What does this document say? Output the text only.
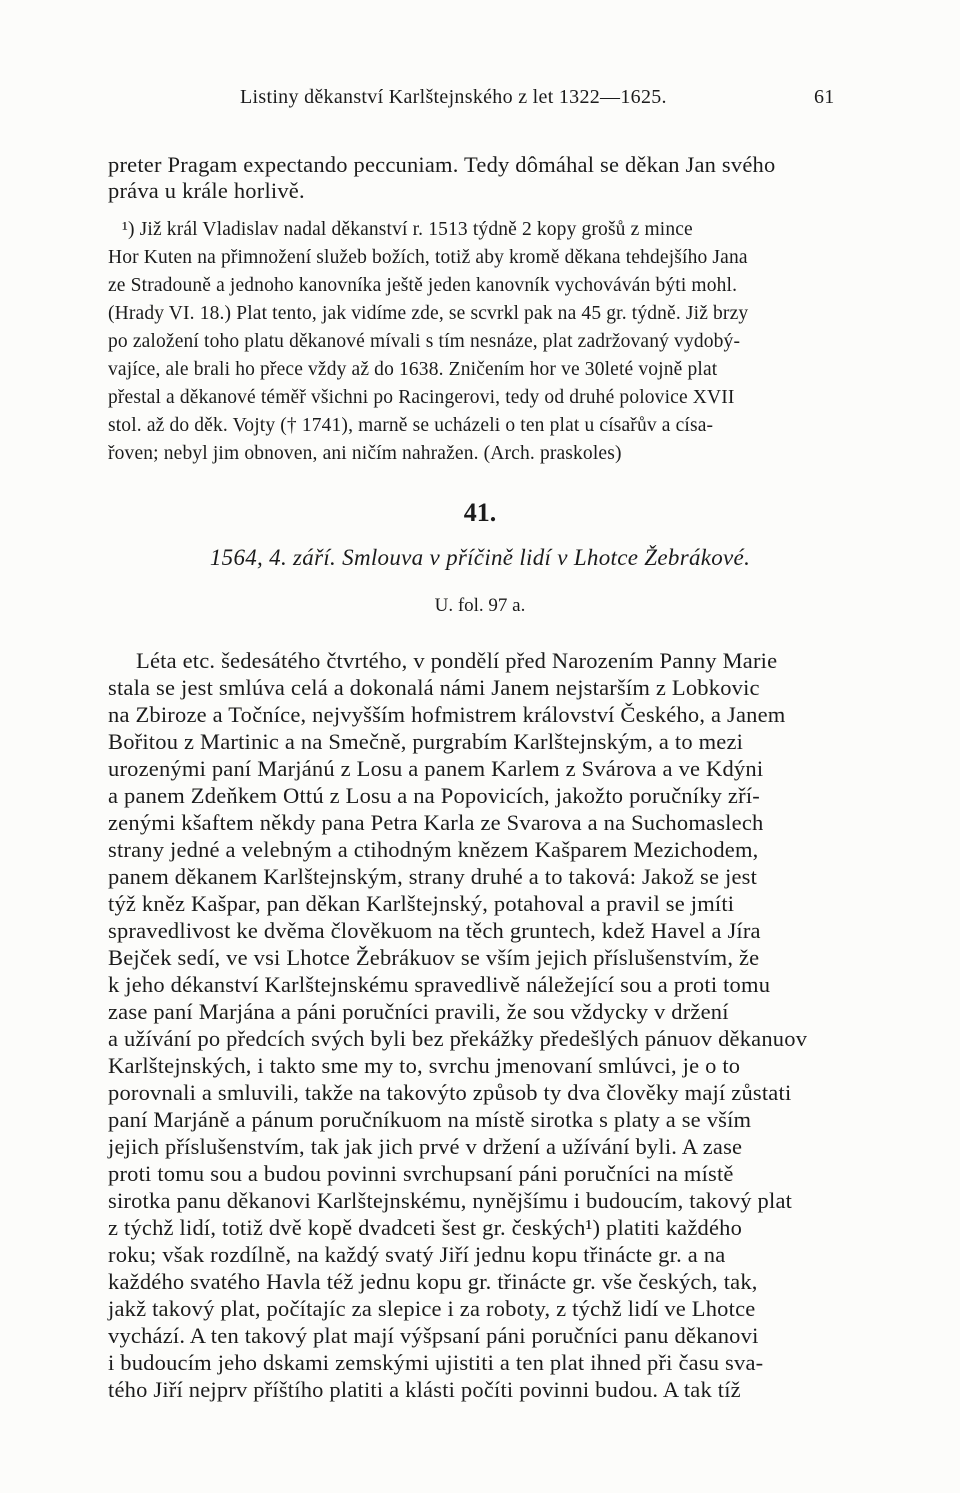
Listiny děkanství Karlštejnského z let 1322—1625.	61
preter Pragam expectando peccuniam. Tedy dômáhal se děkan Jan svého
práva u krále horlivě.
¹) Již král Vladislav nadal děkanství r. 1513 týdně 2 kopy grošů z mince
Hor Kuten na přimnožení služeb božích, totiž aby kromě děkana tehdejšího Jana
ze Stradouně a jednoho kanovníka ještě jeden kanovník vychováván býti mohl.
(Hrady VI. 18.) Plat tento, jak vidíme zde, se scvrkl pak na 45 gr. týdně. Již brzy
po založení toho platu děkanové mívali s tím nesnáze, plat zadržovaný vydobý-
vajíce, ale brali ho přece vždy až do 1638. Zničením hor ve 30leté vojně plat
přestal a děkanové téměř všichni po Racingerovi, tedy od druhé polovice XVII
stol. až do děk. Vojty († 1741), marně se ucházeli o ten plat u císařův a císa-
řoven; nebyl jim obnoven, ani ničím nahražen. (Arch. praskoles)
41.
1564, 4. září. Smlouva v příčině lidí v Lhotce Žebrákové.
U. fol. 97 a.
Léta etc. šedesátého čtvrtého, v pondělí před Narozením Panny Marie
stala se jest smlúva celá a dokonalá námi Janem nejstarším z Lobkovic
na Zbiroze a Točníce, nejvyšším hofmistrem království Českého, a Janem
Bořitou z Martinic a na Smečně, purgrabím Karlštejnským, a to mezi
urozenými paní Marjánú z Losu a panem Karlem z Svárova a ve Kdýni
a panem Zdeňkem Ottú z Losu a na Popovicích, jakožto poručníky zří-
zenými kšaftem někdy pana Petra Karla ze Svarova a na Suchomaslech
strany jedné a velebným a ctihodným knězem Kašparem Mezichodem,
panem děkanem Karlštejnským, strany druhé a to taková: Jakož se jest
týž kněz Kašpar, pan děkan Karlštejnský, potahoval a pravil se jmíti
spravedlivost ke dvěma člověkuom na těch gruntech, kdež Havel a Jíra
Bejček sedí, ve vsi Lhotce Žebrákuov se vším jejich příslušenstvím, že
k jeho dékanství Karlštejnskému spravedlivě náležející sou a proti tomu
zase paní Marjána a páni poručníci pravili, že sou vždycky v držení
a užívání po předcích svých byli bez překážky předešlých pánuov děkanuov
Karlštejnských, i takto sme my to, svrchu jmenovaní smlúvci, je o to
porovnali a smluvili, takže na takovýto způsob ty dva člověky mají zůstati
paní Marjáně a pánum poručníkuom na místě sirotka s platy a se vším
jejich příslušenstvím, tak jak jich prvé v držení a užívání byli. A zase
proti tomu sou a budou povinni svrchupsaní páni poručníci na místě
sirotka panu děkanovi Karlštejnskému, nynějšímu i budoucím, takový plat
z týchž lidí, totiž dvě kopě dvadceti šest gr. českých¹) platiti každého
roku; však rozdílně, na každý svatý Jiří jednu kopu třinácte gr. a na
každého svatého Havla též jednu kopu gr. třinácte gr. vše českých, tak,
jakž takový plat, počítajíc za slepice i za roboty, z týchž lidí ve Lhotce
vychází. A ten takový plat mají výšpsaní páni poručníci panu děkanovi
i budoucím jeho dskami zemskými ujistiti a ten plat ihned při času sva-
tého Jiří nejprv příštího platiti a klásti počíti povinni budou. A tak tíž
